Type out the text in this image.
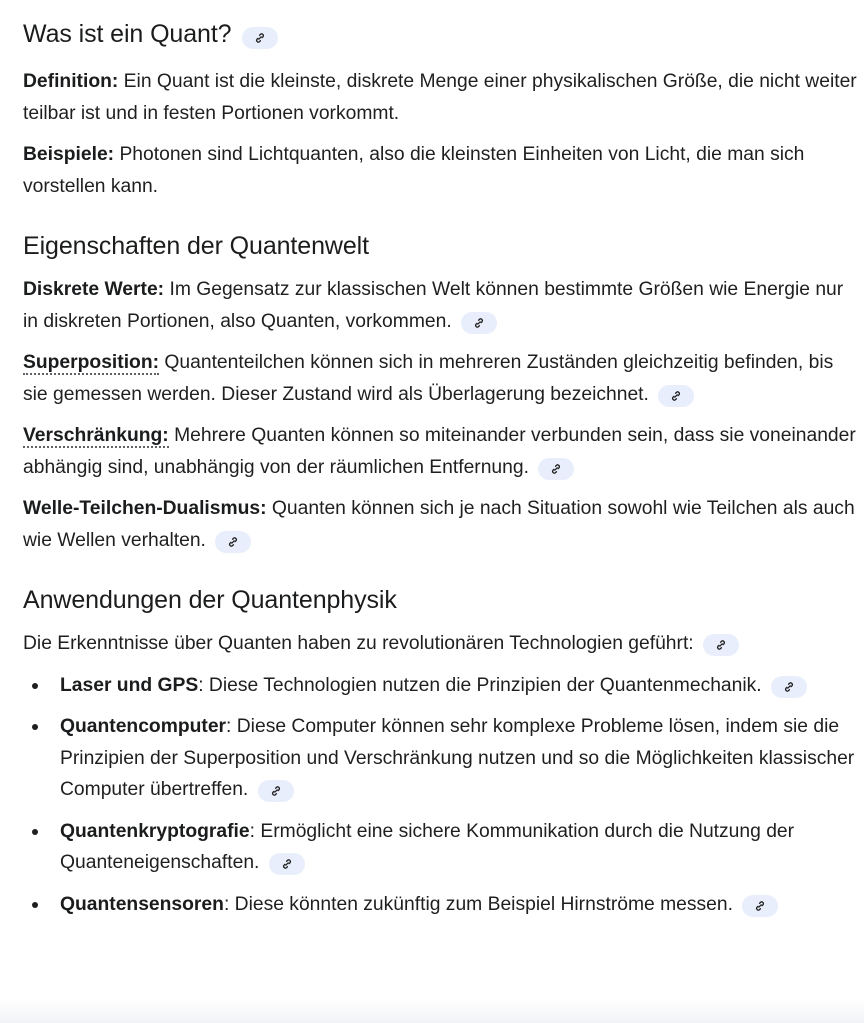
Was ist ein Quant?

Definition: Ein Quant ist die kleinste, diskrete Menge einer physikalischen Größe, die nicht weiter teilbar ist und in festen Portionen vorkommt.

Beispiele: Photonen sind Lichtquanten, also die kleinsten Einheiten von Licht, die man sich vorstellen kann.

Eigenschaften der Quantenwelt

Diskrete Werte: Im Gegensatz zur klassischen Welt können bestimmte Größen wie Energie nur in diskreten Portionen, also Quanten, vorkommen.

Superposition: Quantenteilchen können sich in mehreren Zuständen gleichzeitig befinden, bis sie gemessen werden. Dieser Zustand wird als Überlagerung bezeichnet.

Verschränkung: Mehrere Quanten können so miteinander verbunden sein, dass sie voneinander abhängig sind, unabhängig von der räumlichen Entfernung.

Welle-Teilchen-Dualismus: Quanten können sich je nach Situation sowohl wie Teilchen als auch wie Wellen verhalten.

Anwendungen der Quantenphysik

Die Erkenntnisse über Quanten haben zu revolutionären Technologien geführt:

Laser und GPS: Diese Technologien nutzen die Prinzipien der Quantenmechanik.
Quantencomputer: Diese Computer können sehr komplexe Probleme lösen, indem sie die Prinzipien der Superposition und Verschränkung nutzen und so die Möglichkeiten klassischer Computer übertreffen.
Quantenkryptografie: Ermöglicht eine sichere Kommunikation durch die Nutzung der Quanteneigenschaften.
Quantensensoren: Diese könnten zukünftig zum Beispiel Hirnströme messen.
